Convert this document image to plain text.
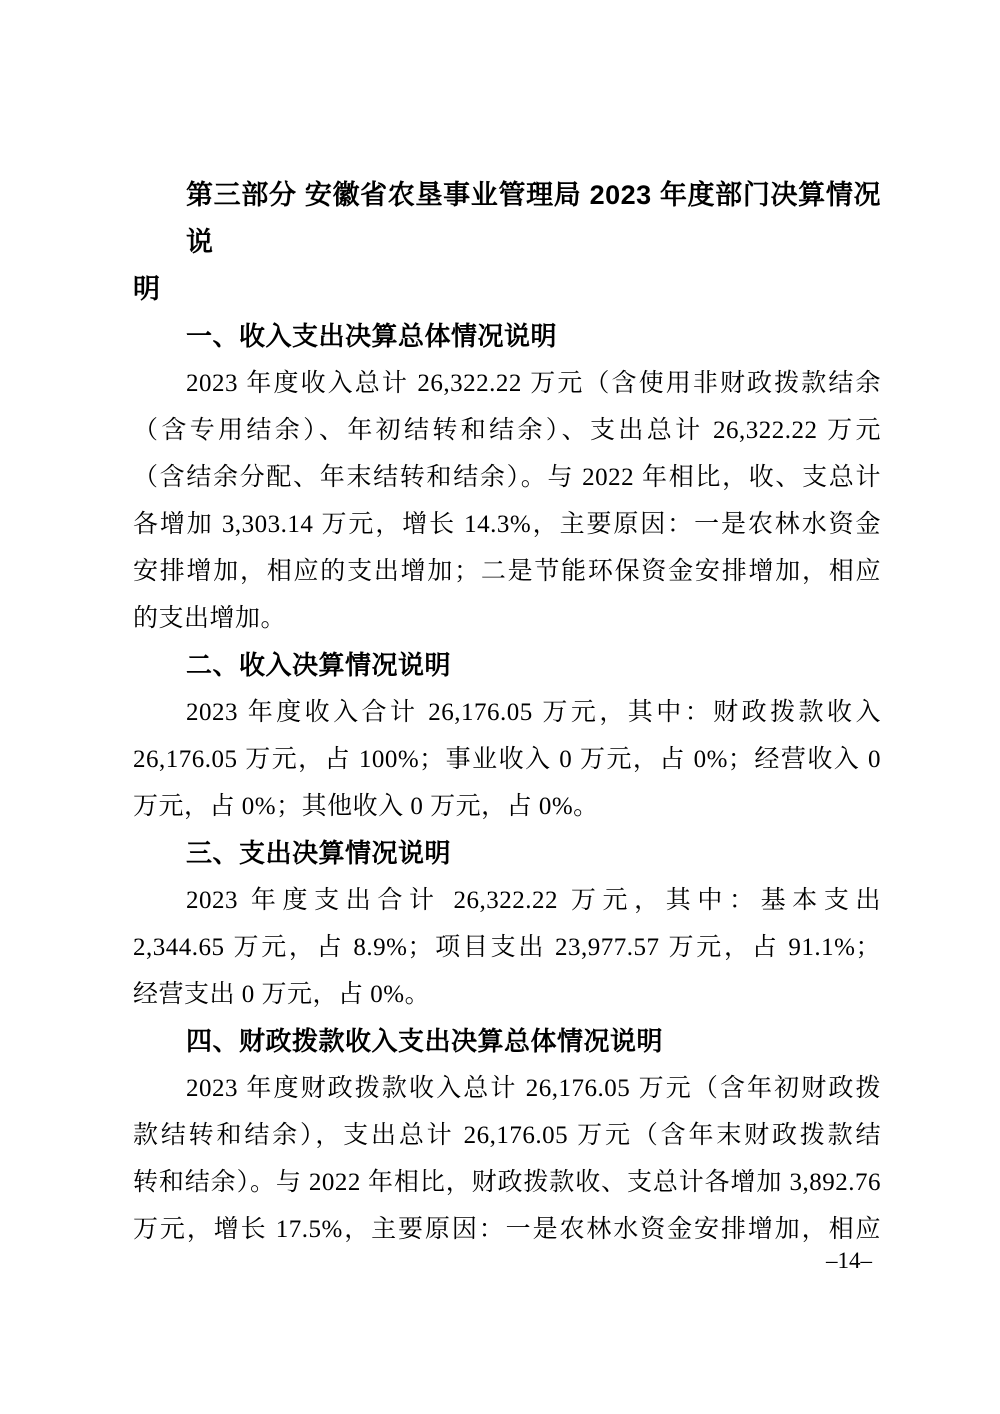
第三部分 安徽省农垦事业管理局 2023 年度部门决算情况说
明
一、收入支出决算总体情况说明
2023 年度收入总计 26,322.22 万元（含使用非财政拨款结余
（含专用结余）、年初结转和结余）、支出总计 26,322.22 万元
（含结余分配、年末结转和结余）。与 2022 年相比，收、支总计
各增加 3,303.14 万元，增长 14.3%，主要原因：一是农林水资金
安排增加，相应的支出增加；二是节能环保资金安排增加，相应
的支出增加。
二、收入决算情况说明
2023 年度收入合计 26,176.05 万元，其中：财政拨款收入
26,176.05 万元，占 100%；事业收入 0 万元，占 0%；经营收入 0
万元，占 0%；其他收入 0 万元，占 0%。
三、支出决算情况说明
2023 年度支出合计 26,322.22 万元，其中：基本支出
2,344.65 万元，占 8.9%；项目支出 23,977.57 万元，占 91.1%；
经营支出 0 万元，占 0%。
四、财政拨款收入支出决算总体情况说明
2023 年度财政拨款收入总计 26,176.05 万元（含年初财政拨
款结转和结余），支出总计 26,176.05 万元（含年末财政拨款结
转和结余）。与 2022 年相比，财政拨款收、支总计各增加 3,892.76
万元，增长 17.5%，主要原因：一是农林水资金安排增加，相应
–14–
